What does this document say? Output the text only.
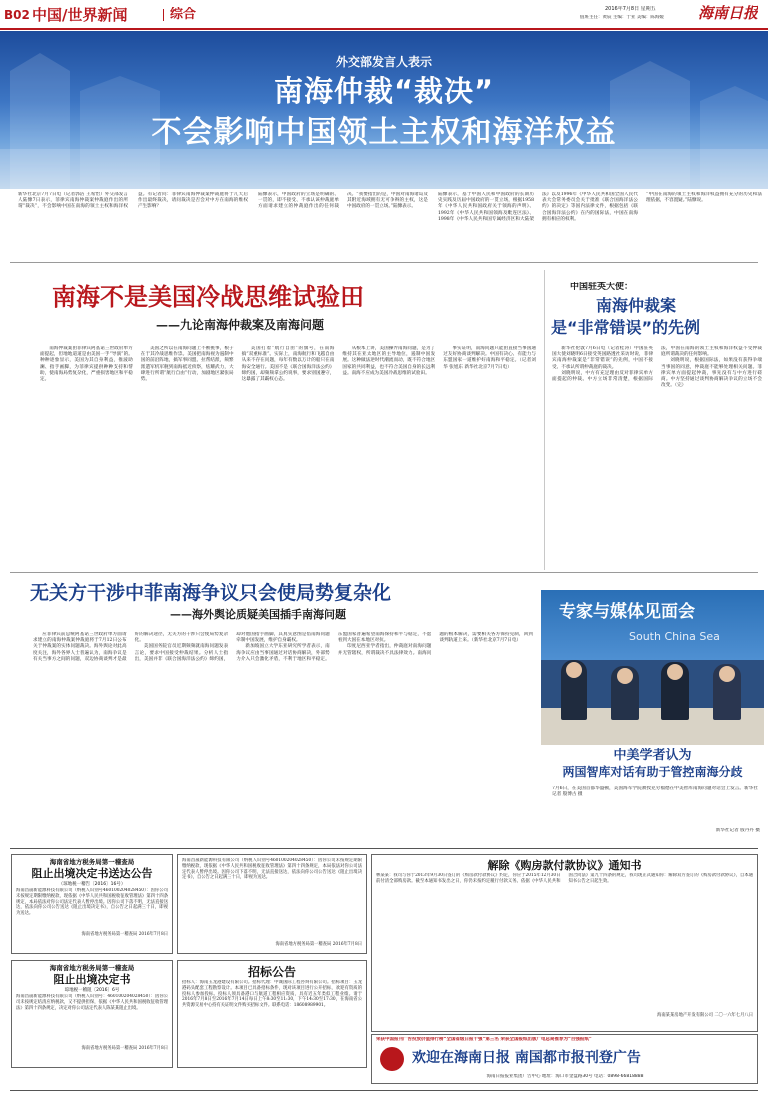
B02 中国/世界新闻	综合	2016年7月8日 星期五
值班主任：黄辰 主编：于亚 美编：陈海媛	海南日报
外交部发言人表示
南海仲裁“裁决”
不会影响中国领土主权和海洋权益
新华社北京7月7日电（记者郭洁 王希怡）外交部发言人陆慷7日表示，菲律宾南海仲裁案仲裁庭作出的所谓“裁决”，不会影响中国在南海的领土主权和海洋权益。有记者问：菲律宾南海仲裁案仲裁庭将于几天后作出最终裁决，请问裁决是否会对中方在南海的维权产生影响？
陆慷表示，中国政府的立场是明确的、一贯的，即不接受、不承认该仲裁庭单方面请求建立的仲裁庭作出的任何裁决。“我要指出的是，中国对南海诸岛及其附近海域拥有无可争辩的主权，这是中国政府的一贯立场。”陆慷表示。
陆慷表示，基于中国人民和中国政府的长期历史实践及历届中国政府的一贯立场，根据1958年《中华人民共和国政府关于领海的声明》、1992年《中华人民共和国领海及毗连区法》、1998年《中华人民共和国专属经济区和大陆架法》以及1996年《中华人民共和国全国人民代表大会常务委员会关于批准《联合国海洋法公约》的决定》等国内法律文件，根据包括《联合国海洋法公约》在内的国际法，中国在南海拥有相应的权利。
“中国在南海的领土主权和海洋权益拥有充分的历史和法理依据，不容置疑。”陆慷说。
南海不是美国冷战思维试验田
——九论南海仲裁案及南海问题

南海仲裁案由菲律宾阿基诺三世政府单方面提起，但地地道道是由美国一手“导演”的。种种迹象显示，美国为其自身利益，推波助澜、指手画脚，为菲律宾提供种种支持和帮助，使南海局势复杂化，严重损害地区和平稳定。

美国之所以在南海问题上不断挑事，根子在于其冷战思维作祟。美国把南海视为遏制中国的前沿阵地，搞军事同盟、拉帮结派，频繁派遣军机军舰到南海抵近侦察，炫耀武力，大肆进行所谓“航行自由”行动，加剧地区紧张局势。

美国打着“航行自由”的旗号，在南海搞“双重标准”。实际上，南海航行和飞越自由从来不存在问题，每年有数以万计的船只在南海安全通行。美国不是《联合国海洋法公约》缔约国，却频频拿公约说事，要求别国遵守，这暴露了其霸权心态。

从根本上讲，美国操弄南海问题，是为了维持其在亚太地区的主导地位，遏制中国发展。这种做法逆时代潮流而动，既不符合地区国家的共同利益，也不符合美国自身的长远利益。南海不应成为美国冷战思维的试验田。

事实证明，南海问题只能由直接当事国通过友好协商谈判解决。中国有决心、有能力与东盟国家一道维护好南海和平稳定。（记者刘华 张旭东 新华社北京7月7日电）

中国驻英大使：
南海仲裁案
是“非常错误”的先例

新华社伦敦7月6日电（记者桂涛）中国驻英国大使刘晓明6日接受英国路透社采访时说，菲律宾南海仲裁案是“非常错误”的先例，中国不接受、不承认所谓仲裁庭的裁决。

刘晓明说，中方有充足理由反对菲律宾单方面提起的仲裁。中方立场非常清楚，根据国际法，中国在南海的领土主权和海洋权益不受仲裁庭所谓裁决的任何影响。

刘晓明说，根据国际法，如果没有获得争端当事国的同意，仲裁庭不能够处理相关问题。菲律宾单方面提起仲裁，事先没有与中方进行磋商。中方坚持通过谈判协商解决争议的立场不会改变。（完）

无关方干涉中菲南海争议只会使局势复杂化
——海外舆论质疑美国插手南海问题

应菲律宾前总统阿基诺三世政府单方面请求建立的南海仲裁案仲裁庭将于7月12日公布关于仲裁案的实体问题裁决。海外舆论对此高度关注，海外各界人士普遍认为，南海争议是有关当事方之间的问题，双边协商谈判才是最好的解决途径，无关方的干涉只会使局势复杂化。

美国国务院官员近期频频就南海问题发表言论，要求中国接受仲裁结果。分析人士指出，美国并非《联合国海洋法公约》缔约国，却对他国指手画脚，其真实意图是借南海问题牵制中国发展，维护自身霸权。

新加坡国立大学东亚研究所学者表示，南海争议应由当事国通过对话协商解决，外部势力介入只会激化矛盾，不利于地区和平稳定。东盟国家普遍希望南海保持和平与稳定，不愿看到大国在本地区对抗。

印度尼西亚学者指出，仲裁庭对南海问题并无管辖权，所谓裁决不具法律效力。南海问题的根本解决，需要相关各方保持克制，回到谈判轨道上来。（新华社北京7月7日电）

专家与媒体见面会
South China Sea
中美学者认为
两国智库对话有助于管控南海分歧
7月6日，在美国首都华盛顿，美国海军学院教授克劳福德在中美智库南海问题对话会上发言。新华社记者 殷博古 摄
新华社记者 殷丹丹 摄
海南省地方税务局第一稽查局
阻止出境决定书送达公告
（琼地税一稽告〔2016〕16号）
海南昌晟新能源科技有限公司（纳税人识别号460100204028450）：因你公司未按规定期限缴纳税款，现依据《中华人民共和国税收征收管理法》第四十四条规定，本局依法对你公司法定代表人暂停出境。因你公司下落不明，无法直接送达，依法向你公司公告送达《阻止出境决定书》，自公告之日起满三十日，即视为送达。
海南省地方税务局第一稽查局 2016年7月8日
海南省地方税务局第一稽查局
阻止出境决定书
琼地税一稽阻〔2016〕6号
海南昌晟新能源科技有限公司（纳税人识别号：460100204028450）：因你公司未按规定结清应纳税款，又不提供担保，依据《中华人民共和国税收征收管理法》第四十四条规定，决定对你公司法定代表人陈某某阻止出境。
海南省地方税务局第一稽查局 2016年7月8日
海南昌晟新能源科技有限公司（纳税人识别号460100204028450）：因你公司未按规定期限缴纳税款，现依据《中华人民共和国税收征收管理法》第四十四条规定，本局依法对你公司法定代表人暂停出境。因你公司下落不明，无法直接送达，依法向你公司公告送达《阻止出境决定书》，自公告之日起满三十日，即视为送达。
海南省地方税务局第一稽查局 2016年7月8日
招标公告
招标人：海南玉龙港建设有限公司。招标代理：中诚国际工程咨询有限公司。招标项目：玉龙港码头配套工程勘察设计。本项目已具备招标条件，现对该项目进行公开招标，欢迎有资质的投标人参加投标。投标人须具备港口与航道工程相应资质，具有近五年类似工程业绩。请于2016年7月8日至2016年7月14日每日上午8:30至11:30，下午14:30至17:30，在海南省公共资源交易中心持有关证明文件购买招标文件。联系电话：18608989901。
解除《购房款付款协议》通知书
林某某：我司与你于2013年9月30日签订的《购房款付款协议》约定，你应于2015年12月30日前付清全部购房款。截至本通知书发出之日，你仍未按约定履行付款义务。依据《中华人民共和国合同法》第九十四条的规定，我司现正式通知你：解除双方签订的《购房款付款协议》，自本通知书公告之日起生效。
海南某某房地产开发有限公司 二〇一六年七月八日
荣获中国报刊广告投放价值排行榜“全国省级日报十强”第三名 荣获全国报纸出版广电总局推荐为“百强报纸”
欢迎在海南日报 南国都市报刊登广告
海南日报报业集团广告中心 地址：海口市金盘路30号 电话：0898-66818888
